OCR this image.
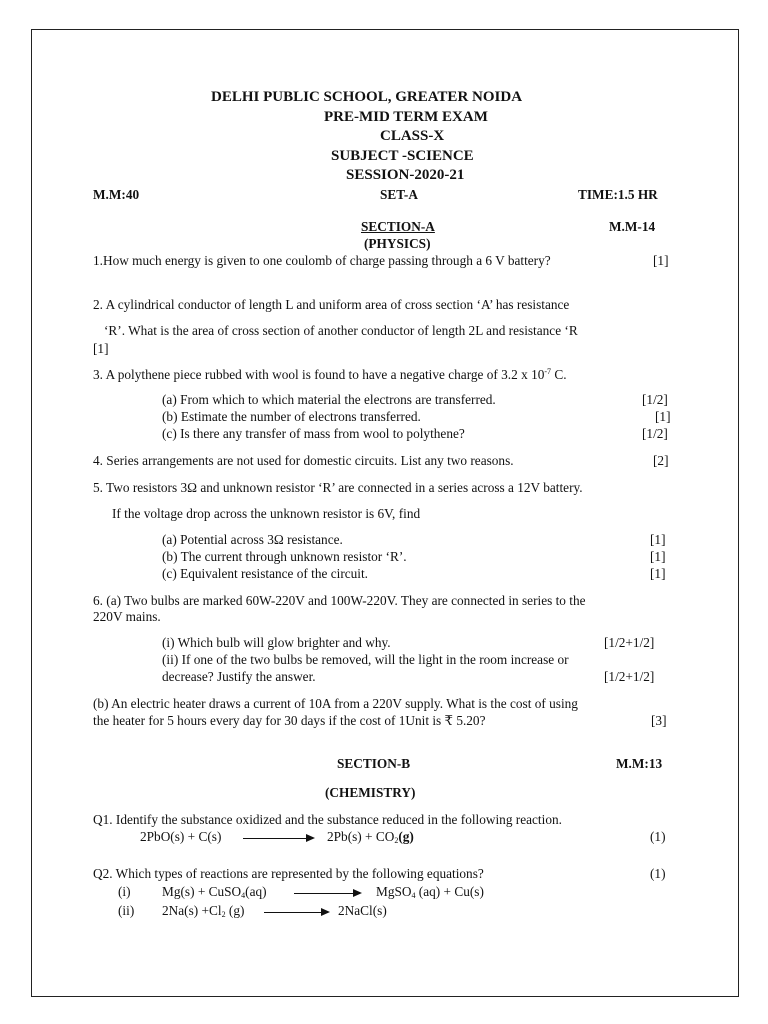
DELHI PUBLIC SCHOOL, GREATER NOIDA
PRE-MID TERM EXAM
CLASS-X
SUBJECT -SCIENCE
SESSION-2020-21
M.M:40	SET-A	TIME:1.5 HR
SECTION-A	M.M-14
(PHYSICS)
1.How much energy is given to one coulomb of charge passing through a 6 V battery?	[1]
2. A cylindrical conductor of length L and uniform area of cross section ‘A’ has resistance
‘R’. What is the area of cross section of another conductor of length 2L and resistance ‘R
[1]
3. A polythene piece rubbed with wool is found to have a negative charge of 3.2 x $10^{-7}$ C.
(a) From which to which material the electrons are transferred.	[1/2]
(b) Estimate the number of electrons transferred.	[1]
(c) Is there any transfer of mass from wool to polythene?	[1/2]
4. Series arrangements are not used for domestic circuits. List any two reasons.	[2]
5. Two resistors 3Ω and unknown resistor ‘R’ are connected in a series across a 12V battery.
If the voltage drop across the unknown resistor is 6V, find
(a) Potential across 3Ω resistance.	[1]
(b) The current through unknown resistor ‘R’.	[1]
(c) Equivalent resistance of the circuit.	[1]
6. (a) Two bulbs are marked 60W-220V and 100W-220V. They are connected in series to the
220V mains.
(i) Which bulb will glow brighter and why.	[1/2+1/2]
(ii) If one of the two bulbs be removed, will the light in the room increase or
decrease? Justify the answer.	[1/2+1/2]
(b) An electric heater draws a current of 10A from a 220V supply. What is the cost of using
the heater for 5 hours every day for 30 days if the cost of 1Unit is ₹ 5.20?	[3]
SECTION-B	M.M:13
(CHEMISTRY)
Q1. Identify the substance oxidized and the substance reduced in the following reaction.
2PbO(s) + C(s)	$2Pb(s) + CO_2(g)$	(1)
Q2. Which types of reactions are represented by the following equations?	(1)
(i) Mg(s) + CuSO$_4$(aq)	MgSO$_4$ (aq) + Cu(s)
(ii) $2Na(s) +Cl_2$ (g)	2NaCl(s)
